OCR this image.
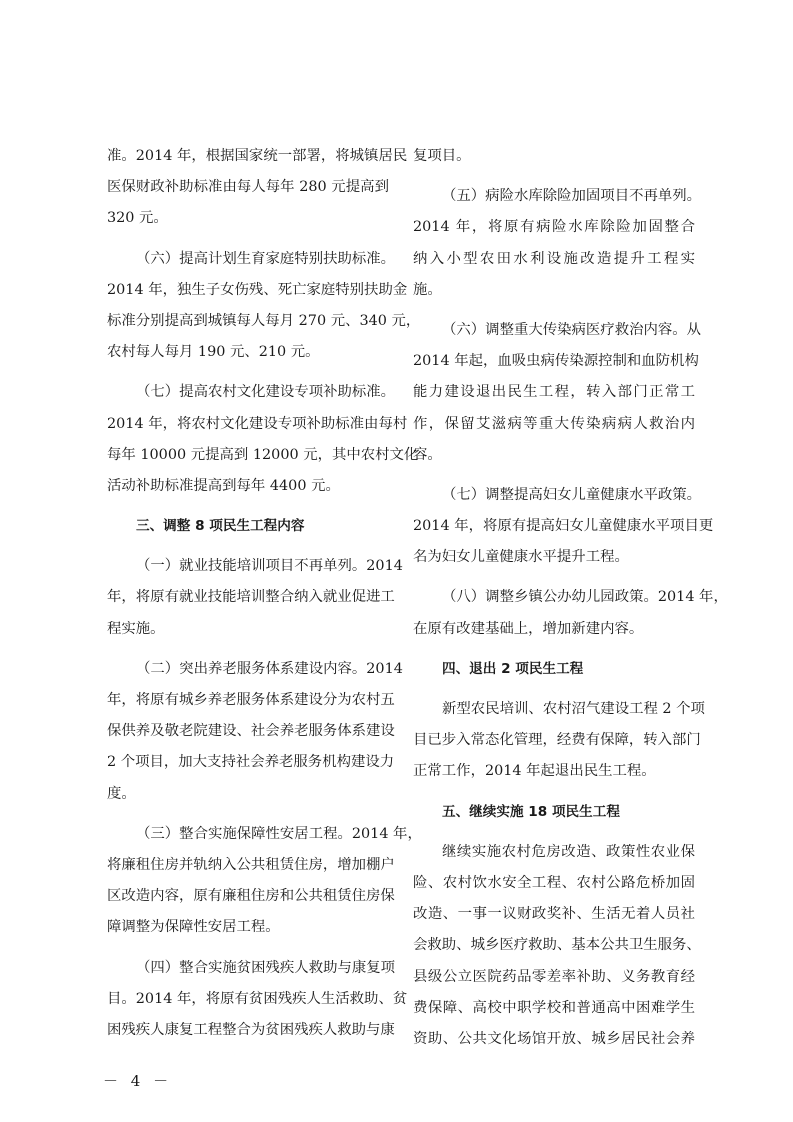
准。2014 年，根据国家统一部署，将城镇居民
医保财政补助标准由每人每年 280 元提高到
320 元。
（六）提高计划生育家庭特别扶助标准。
2014 年，独生子女伤残、死亡家庭特别扶助金
标准分别提高到城镇每人每月 270 元、340 元，
农村每人每月 190 元、210 元。
（七）提高农村文化建设专项补助标准。
2014 年，将农村文化建设专项补助标准由每村
每年 10000 元提高到 12000 元，其中农村文化
活动补助标准提高到每年 4400 元。
三、调整 8 项民生工程内容
（一）就业技能培训项目不再单列。2014
年，将原有就业技能培训整合纳入就业促进工
程实施。
（二）突出养老服务体系建设内容。2014
年，将原有城乡养老服务体系建设分为农村五
保供养及敬老院建设、社会养老服务体系建设
2 个项目，加大支持社会养老服务机构建设力
度。
（三）整合实施保障性安居工程。2014 年，
将廉租住房并轨纳入公共租赁住房，增加棚户
区改造内容，原有廉租住房和公共租赁住房保
障调整为保障性安居工程。
（四）整合实施贫困残疾人救助与康复项
目。2014 年，将原有贫困残疾人生活救助、贫
困残疾人康复工程整合为贫困残疾人救助与康
复项目。
（五）病险水库除险加固项目不再单列。
2014 年，将原有病险水库除险加固整合
纳入小型农田水利设施改造提升工程实
施。
（六）调整重大传染病医疗救治内容。从
2014 年起，血吸虫病传染源控制和血防机构
能力建设退出民生工程，转入部门正常工
作，保留艾滋病等重大传染病病人救治内
容。
（七）调整提高妇女儿童健康水平政策。
2014 年，将原有提高妇女儿童健康水平项目更
名为妇女儿童健康水平提升工程。
（八）调整乡镇公办幼儿园政策。2014 年，
在原有改建基础上，增加新建内容。
四、退出 2 项民生工程
新型农民培训、农村沼气建设工程 2 个项
目已步入常态化管理，经费有保障，转入部门
正常工作，2014 年起退出民生工程。
五、继续实施 18 项民生工程
继续实施农村危房改造、政策性农业保
险、农村饮水安全工程、农村公路危桥加固
改造、一事一议财政奖补、生活无着人员社
会救助、城乡医疗救助、基本公共卫生服务、
县级公立医院药品零差率补助、义务教育经
费保障、高校中职学校和普通高中困难学生
资助、公共文化场馆开放、城乡居民社会养
－ 4 －
